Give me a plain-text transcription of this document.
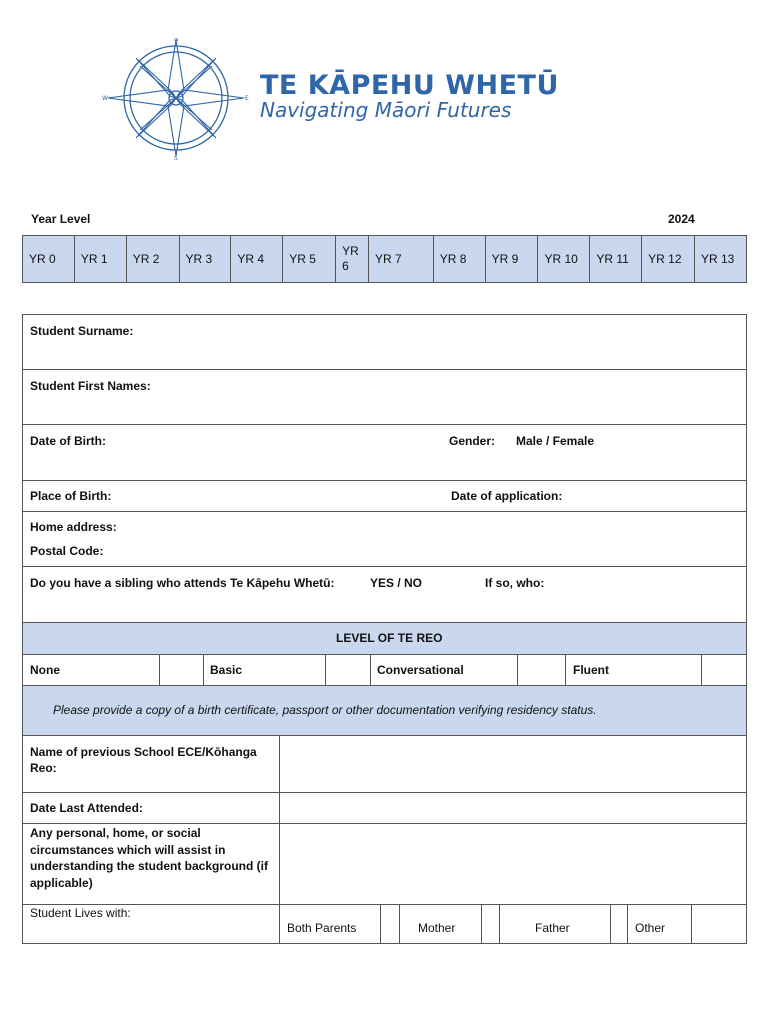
N
E
S
W	TE KĀPEHU WHETŪ
Navigating Māori Futures
Year Level	2024
YR 0	YR 1	YR 2	YR 3	YR 4	YR 5	YR 6	YR 7	YR 8	YR 9	YR 10	YR 11	YR 12	YR 13
Student Surname:
Student First Names:
Date of Birth:	Gender: Male / Female
Place of Birth:	Date of application:
Home address:
Postal Code:
Do you have a sibling who attends Te Kāpehu Whetū:	YES / NO	If so, who:
LEVEL OF TE REO
None	Basic	Conversational	Fluent
Please provide a copy of a birth certificate, passport or other documentation verifying residency status.
Name of previous School ECE/Kōhanga Reo:
Date Last Attended:
Any personal, home, or social circumstances which will assist in understanding the student background (if applicable)
Student Lives with:
Both Parents	Mother	Father	Other
